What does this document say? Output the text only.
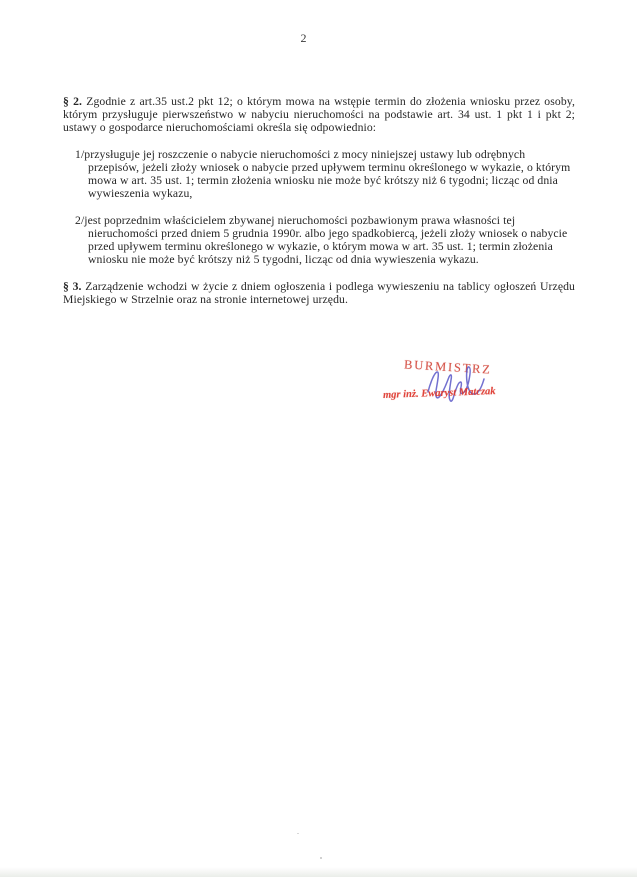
2

§ 2. Zgodnie z art.35 ust.2 pkt 12; o którym mowa na wstępie termin do złożenia wniosku przez osoby, którym przysługuje pierwszeństwo w nabyciu nieruchomości na podstawie art. 34 ust. 1 pkt 1 i pkt 2; ustawy o gospodarce nieruchomościami określa się odpowiednio:

1/przysługuje jej roszczenie o nabycie nieruchomości z mocy niniejszej ustawy lub odrębnych przepisów, jeżeli złoży wniosek o nabycie przed upływem terminu określonego w wykazie, o którym mowa w art. 35 ust. 1; termin złożenia wniosku nie może być krótszy niż 6 tygodni; licząc od dnia wywieszenia wykazu,

2/jest poprzednim właścicielem zbywanej nieruchomości pozbawionym prawa własności tej nieruchomości przed dniem 5 grudnia 1990r. albo jego spadkobiercą, jeżeli złoży wniosek o nabycie przed upływem terminu określonego w wykazie, o którym mowa w art. 35 ust. 1; termin złożenia wniosku nie może być krótszy niż 5 tygodni, licząc od dnia wywieszenia wykazu.

§ 3. Zarządzenie wchodzi w życie z dniem ogłoszenia i podlega wywieszeniu na tablicy ogłoszeń Urzędu Miejskiego w Strzelnie oraz na stronie internetowej urzędu.

BURMISTRZ
mgr inż. Ewaryst Matczak
